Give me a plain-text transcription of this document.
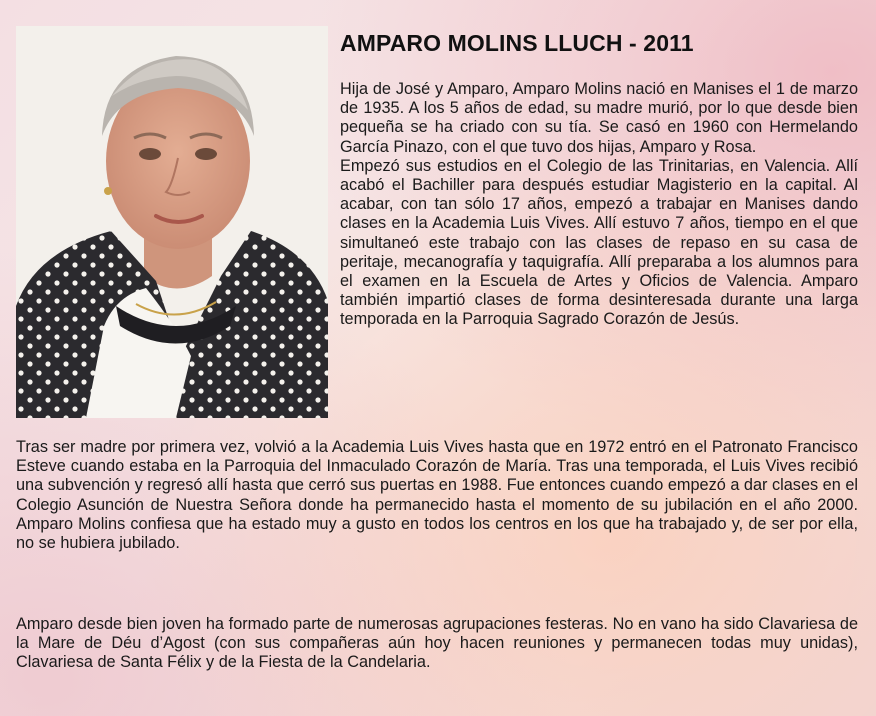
AMPARO MOLINS LLUCH - 2011
Hija de José y Amparo, Amparo Molins nació en Manises el 1 de marzo de 1935. A los 5 años de edad, su madre murió, por lo que desde bien pequeña se ha criado con su tía. Se casó en 1960 con Hermelando García Pinazo, con el que tuvo dos hijas, Amparo y Rosa.
Empezó sus estudios en el Colegio de las Trinitarias, en Valencia. Allí acabó el Bachiller para después estudiar Magisterio en la capital. Al acabar, con tan sólo 17 años, empezó a trabajar en Manises dando clases en la Academia Luis Vives. Allí estuvo 7 años, tiempo en el que simultaneó este trabajo con las clases de repaso en su casa de peritaje, mecanografía y taquigrafía. Allí preparaba a los alumnos para el examen en la Escuela de Artes y Oficios de Valencia. Amparo también impartió clases de forma desinteresada durante una larga temporada en la Parroquia Sagrado Corazón de Jesús.

Tras ser madre por primera vez, volvió a la Academia Luis Vives hasta que en 1972 entró en el Patronato Francisco Esteve cuando estaba en la Parroquia del Inmaculado Corazón de María. Tras una temporada, el Luis Vives recibió una subvención y regresó allí hasta que cerró sus puertas en 1988. Fue entonces cuando empezó a dar clases en el Colegio Asunción de Nuestra Señora donde ha permanecido hasta el momento de su jubilación en el año 2000. Amparo Molins confiesa que ha estado muy a gusto en todos los centros en los que ha trabajado y, de ser por ella, no se hubiera jubilado.

Amparo desde bien joven ha formado parte de numerosas agrupaciones festeras. No en vano ha sido Clavariesa de la Mare de Déu d’Agost (con sus compañeras aún hoy hacen reuniones y permanecen todas muy unidas), Clavariesa de Santa Félix y de la Fiesta de la Candelaria.
